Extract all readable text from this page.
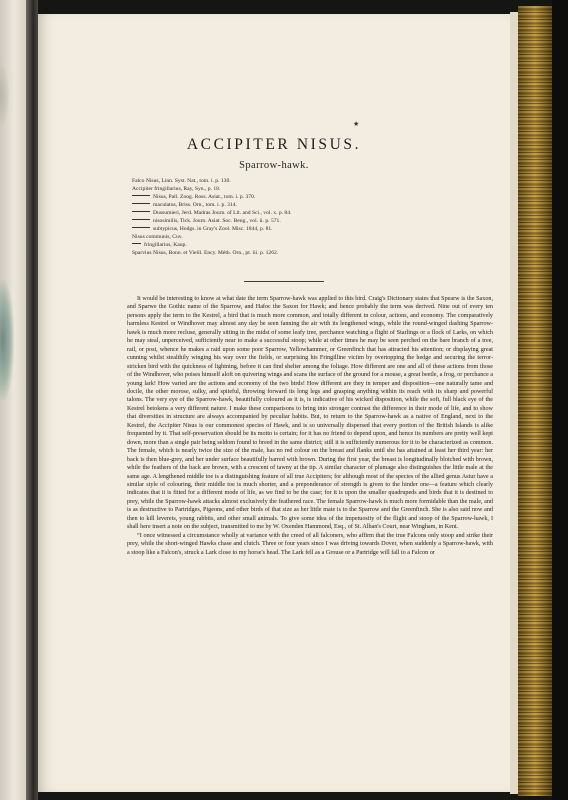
★
ACCIPITER NISUS.
Sparrow-hawk.
Falco Nisus, Linn. Syst. Nat., tom. i. p. 130.
Accipiter fringillarius, Ray, Syn., p. 18.
Nisus, Pall. Zoog. Ross. Asiat., tom. i. p. 370.
maculatus, Briss. Orn., tom. i. p. 314.
Dussumieri, Jerd. Madras Journ. of Lit. and Sci., vol. x. p. 84.
nisosimilis, Tick. Journ. Asiat. Soc. Beng., vol. ii. p. 571.
subtypicus, Hodgs. in Gray's Zool. Misc. 1844, p. 81.
Nisus communis, Cuv.
fringillarius, Kaup.
Sparvius Nisus, Bonn. et Vieill. Ency. Méth. Orn., pt. iii. p. 1262.

It would be interesting to know at what date the term Sparrow-hawk was applied to this bird. Craig's Dictionary states that Spearw is the Saxon, and Sparwe the Gothic name of the Sparrow, and Hafoc the Saxon for Hawk; and hence probably the term was derived. Nine out of every ten persons apply the term to the Kestrel, a bird that is much more common, and totally different in colour, actions, and economy. The comparatively harmless Kestrel or Windhover may almost any day be seen fanning the air with its lengthened wings, while the round-winged dashing Sparrow-hawk is much more recluse, generally sitting in the midst of some leafy tree, perchance watching a flight of Starlings or a flock of Larks, on which he may steal, unperceived, sufficiently near to make a successful stoop; while at other times he may be seen perched on the bare branch of a tree, rail, or post, whence he makes a raid upon some poor Sparrow, Yellowhammer, or Greenfinch that has attracted his attention; or displaying great cunning whilst stealthily winging his way over the fields, or surprising his Fringilline victim by overtopping the hedge and securing the terror-stricken bird with the quickness of lightning, before it can find shelter among the foliage. How different are one and all of these actions from those of the Windhover, who poises himself aloft on quivering wings and scans the surface of the ground for a mouse, a great beetle, a frog, or perchance a young lark! How varied are the actions and economy of the two birds! How different are they in temper and disposition—one naturally tame and docile, the other morose, sulky, and spiteful, throwing forward its long legs and grasping anything within its reach with its sharp and powerful talons. The very eye of the Sparrow-hawk, beautifully coloured as it is, is indicative of his wicked disposition, while the soft, full black eye of the Kestrel betokens a very different nature. I make these comparisons to bring into stronger contrast the difference in their mode of life, and to show that diversities in structure are always accompanied by peculiar habits. But, to return to the Sparrow-hawk as a native of England, next to the Kestrel, the Accipiter Nisus is our commonest species of Hawk, and is so universally dispersed that every portion of the British Islands is alike frequented by it. That self-preservation should be its motto is certain; for it has no friend to depend upon, and hence its numbers are pretty well kept down, more than a single pair being seldom found to breed in the same district; still it is sufficiently numerous for it to be characterized as common. The female, which is nearly twice the size of the male, has no red colour on the breast and flanks until she has attained at least her third year: her back is then blue-grey, and her under surface beautifully barred with brown. During the first year, the breast is longitudinally blotched with brown, while the feathers of the back are brown, with a crescent of tawny at the tip. A similar character of plumage also distinguishes the little male at the same age. A lengthened middle toe is a distinguishing feature of all true Accipiters; for although most of the species of the allied genus Astur have a similar style of colouring, their middle toe is much shorter, and a preponderance of strength is given to the hinder one—a feature which clearly indicates that it is fitted for a different mode of life, as we find to be the case; for it is upon the smaller quadrupeds and birds that it is destined to prey, while the Sparrow-hawk attacks almost exclusively the feathered race. The female Sparrow-hawk is much more formidable than the male, and is as destructive to Partridges, Pigeons, and other birds of that size as her little mate is to the Sparrow and the Greenfinch. She is also said now and then to kill leverets, young rabbits, and other small animals. To give some idea of the impetuosity of the flight and stoop of the Sparrow-hawk, I shall here insert a note on the subject, transmitted to me by W. Oxenden Hammond, Esq., of St. Alban's Court, near Wingham, in Kent.

“I once witnessed a circumstance wholly at variance with the creed of all falconers, who affirm that the true Falcons only stoop and strike their prey, while the short-winged Hawks chase and clutch. Three or four years since I was driving towards Dover, when suddenly a Sparrow-hawk, with a stoop like a Falcon's, struck a Lark close to my horse's head. The Lark fell as a Grouse or a Partridge will fall to a Falcon or
